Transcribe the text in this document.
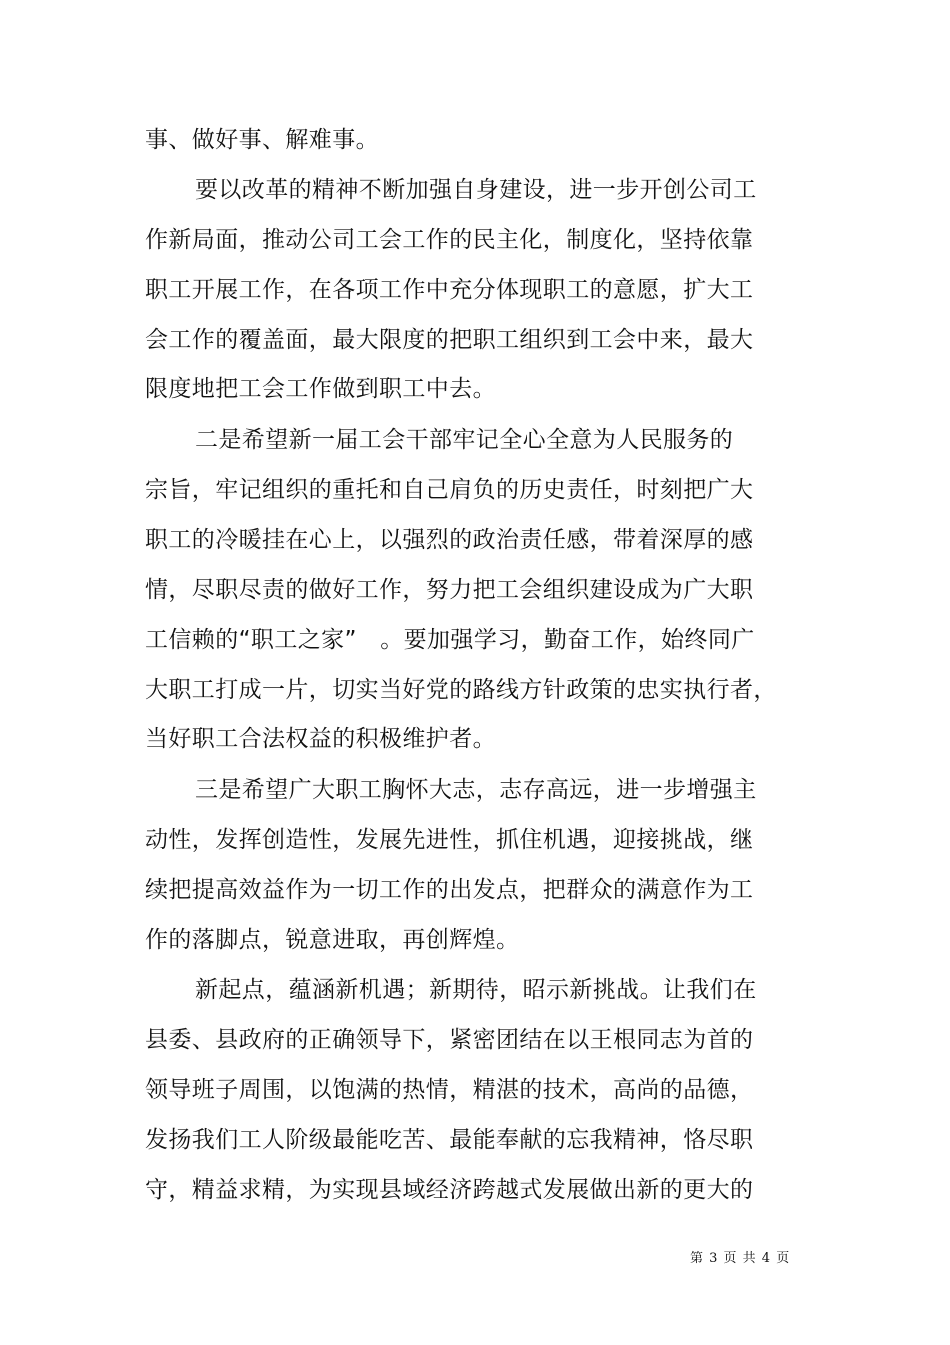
事、做好事、解难事。
要以改革的精神不断加强自身建设，进一步开创公司工
作新局面，推动公司工会工作的民主化，制度化，坚持依靠
职工开展工作，在各项工作中充分体现职工的意愿，扩大工
会工作的覆盖面，最大限度的把职工组织到工会中来，最大
限度地把工会工作做到职工中去。
二是希望新一届工会干部牢记全心全意为人民服务的
宗旨，牢记组织的重托和自己肩负的历史责任，时刻把广大
职工的冷暖挂在心上，以强烈的政治责任感，带着深厚的感
情，尽职尽责的做好工作，努力把工会组织建设成为广大职
工信赖的“职工之家”　。要加强学习，勤奋工作，始终同广
大职工打成一片，切实当好党的路线方针政策的忠实执行者，
当好职工合法权益的积极维护者。
三是希望广大职工胸怀大志，志存高远，进一步增强主
动性，发挥创造性，发展先进性，抓住机遇，迎接挑战，继
续把提高效益作为一切工作的出发点，把群众的满意作为工
作的落脚点，锐意进取，再创辉煌。
新起点，蕴涵新机遇；新期待，昭示新挑战。让我们在
县委、县政府的正确领导下，紧密团结在以王根同志为首的
领导班子周围，以饱满的热情，精湛的技术，高尚的品德，
发扬我们工人阶级最能吃苦、最能奉献的忘我精神，恪尽职
守，精益求精，为实现县域经济跨越式发展做出新的更大的
第 3 页 共 4 页
